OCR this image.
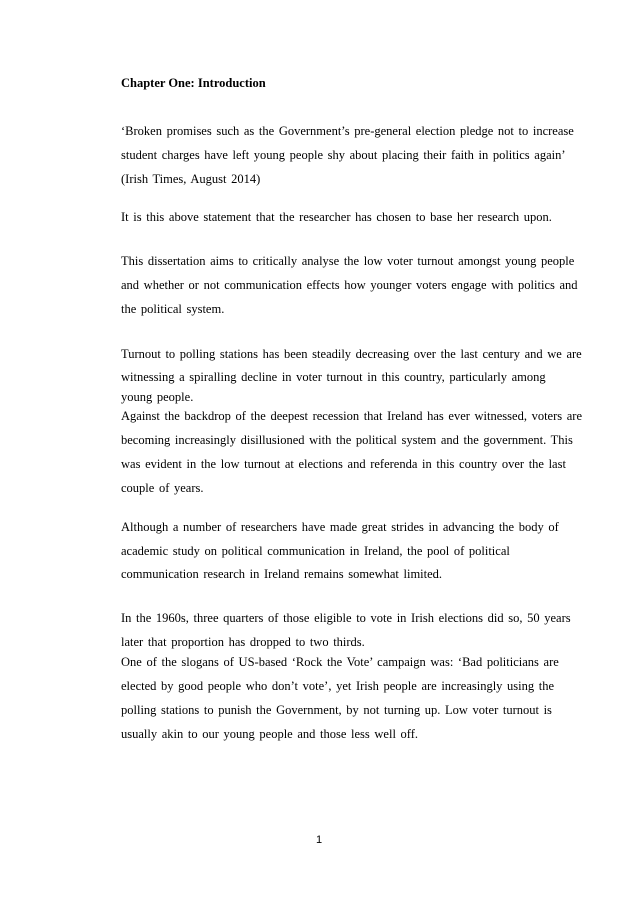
Chapter One: Introduction
‘Broken promises such as the Government’s pre-general election pledge not to increase
student charges have left young people shy about placing their faith in politics again’
(Irish Times, August 2014)
It is this above statement that the researcher has chosen to base her research upon.
This dissertation aims to critically analyse the low voter turnout amongst young people
and whether or not communication effects how younger voters engage with politics and
the political system.
Turnout to polling stations has been steadily decreasing over the last century and we are
witnessing a spiralling decline in voter turnout in this country, particularly among
young people.
Against the backdrop of the deepest recession that Ireland has ever witnessed, voters are
becoming increasingly disillusioned with the political system and the government. This
was evident in the low turnout at elections and referenda in this country over the last
couple of years.
Although a number of researchers have made great strides in advancing the body of
academic study on political communication in Ireland, the pool of political
communication research in Ireland remains somewhat limited.
In the 1960s, three quarters of those eligible to vote in Irish elections did so, 50 years
later that proportion has dropped to two thirds.
One of the slogans of US-based ‘Rock the Vote’ campaign was: ‘Bad politicians are
elected by good people who don’t vote’, yet Irish people are increasingly using the
polling stations to punish the Government, by not turning up. Low voter turnout is
usually akin to our young people and those less well off.
1
